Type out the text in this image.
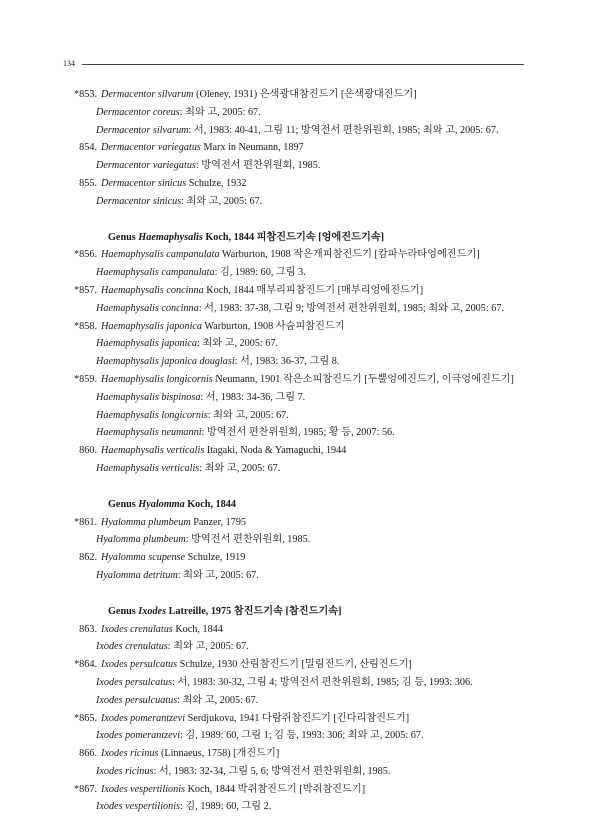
134
*853. Dermacentor silvarum (Oleney, 1931) 은색광대참진드기 [은색광대진드기]
Dermacentor coreus: 최와 고, 2005: 67.
Dermacentor silvarum: 서, 1983: 40-41, 그림 11; 방역전서 편찬위원회, 1985; 최와 고, 2005: 67.
854. Dermacentor variegatus Marx in Neumann, 1897
Dermacentor variegatus: 방역전서 편찬위원회, 1985.
855. Dermacentor sinicus Schulze, 1932
Dermacentor sinicus: 최와 고, 2005: 67.
Genus Haemaphysalis Koch, 1844 피참진드기속 [엉에진드기속]
*856. Haemaphysalis campanulata Warburton, 1908 작은개피참진드기 [캄파누라타엉에진드기]
Haemaphysalis campanulata: 김, 1989: 60, 그림 3.
*857. Haemaphysalis concinna Koch, 1844 매부리피참진드기 [매부리엉에진드기]
Haemaphysalis concinna: 서, 1983: 37-38, 그림 9; 방역전서 편찬위원회, 1985; 최와 고, 2005: 67.
*858. Haemaphysalis japonica Warburton, 1908 사슴피참진드기
Haemaphysalis japonica: 최와 고, 2005: 67.
Haemaphysalis japonica douglasi: 서, 1983: 36-37, 그림 8.
*859. Haemaphysalis longicornis Neumann, 1901 작은소피참진드기 [두뿔엉에진드기, 이극엉에진드기]
Haemaphysalis bispinosa: 서, 1983: 34-36, 그림 7.
Haemaphysalis longicornis: 최와 고, 2005: 67.
Haemaphysalis neumanni: 방역전서 편찬위원회, 1985; 황 등, 2007: 56.
860. Haemaphysalis verticalis Itagaki, Noda & Yamaguchi, 1944
Haemaphysalis verticalis: 최와 고, 2005: 67.
Genus Hyalomma Koch, 1844
*861. Hyalomma plumbeum Panzer, 1795
Hyalomma plumbeum: 방역전서 편찬위원회, 1985.
862. Hyalomma scupense Schulze, 1919
Hyalomma detritum: 최와 고, 2005: 67.
Genus Ixodes Latreille, 1975 참진드기속 [참진드기속]
863. Ixodes crenulatus Koch, 1844
Ixodes crenulatus: 최와 고, 2005: 67.
*864. Ixodes persulcatus Schulze, 1930 산림참진드기 [밀림진드기, 산림진드기]
Ixodes persulcatus: 서, 1983: 30-32, 그림 4; 방역전서 편찬위원회, 1985; 김 등, 1993: 306.
Ixodes persulcuatus: 최와 고, 2005: 67.
*865. Ixodes pomerantzevi Serdjukova, 1941 다람쥐참진드기 [긴다리참진드기]
Ixodes pomerantzevi: 김, 1989: 60, 그림 1; 김 등, 1993: 306; 최와 고, 2005: 67.
866. Ixodes ricinus (Linnaeus, 1758) [개진드기]
Ixodes ricinus: 서, 1983: 32-34, 그림 5, 6; 방역전서 편찬위원회, 1985.
*867. Ixodes vespertilionis Koch, 1844 박쥐참진드기 [박쥐참진드기]
Ixodes vespertilionis: 김, 1989: 60, 그림 2.
